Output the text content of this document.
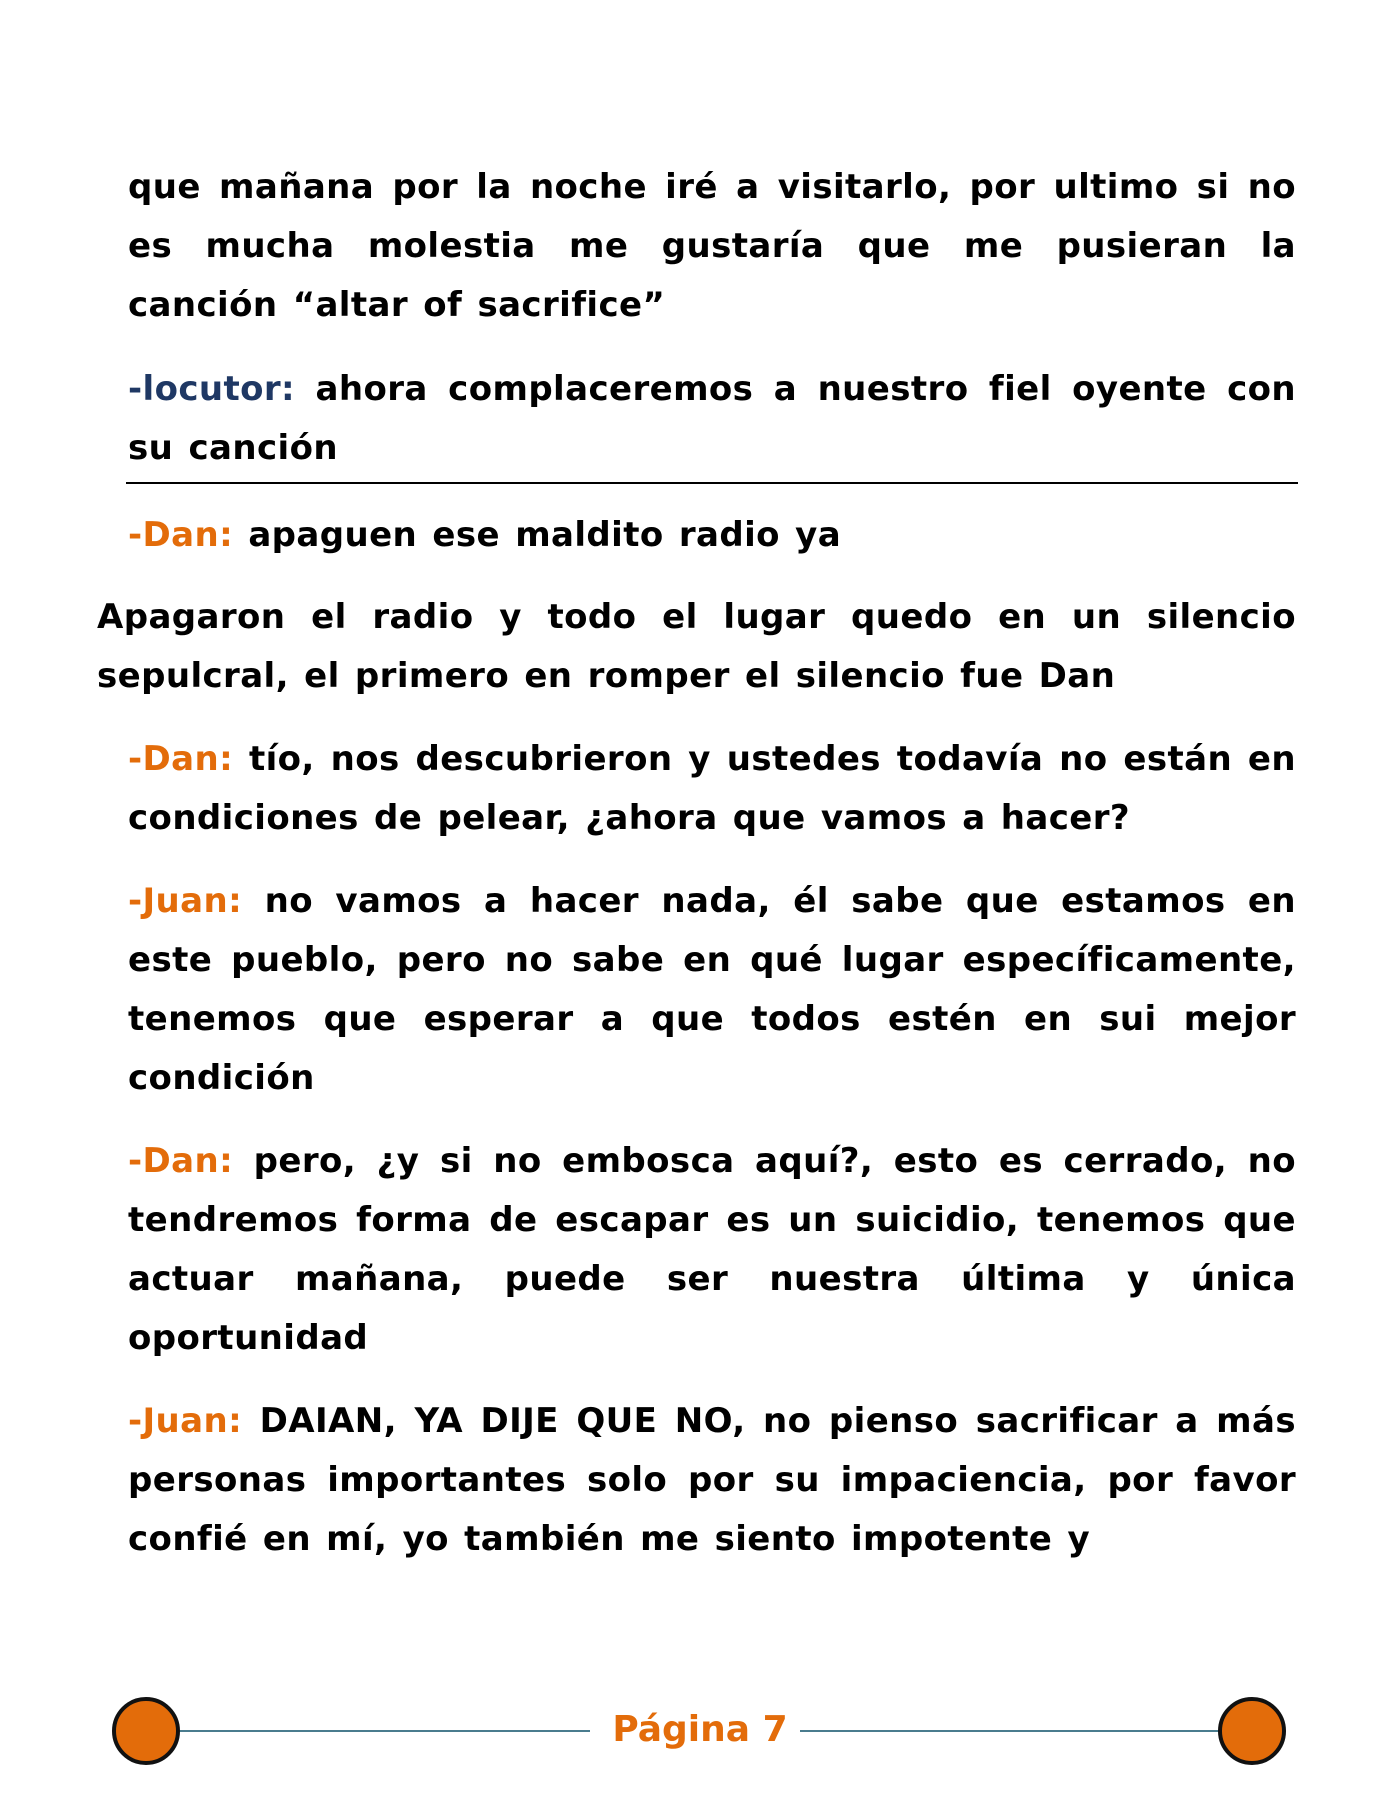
que mañana por la noche iré a visitarlo, por ultimo si no es mucha molestia me gustaría que me pusieran la canción “altar of sacrifice”

-locutor: ahora complaceremos a nuestro fiel oyente con su canción

-Dan: apaguen ese maldito radio ya

Apagaron el radio y todo el lugar quedo en un silencio sepulcral, el primero en romper el silencio fue Dan

-Dan: tío, nos descubrieron y ustedes todavía no están en condiciones de pelear, ¿ahora que vamos a hacer?

-Juan: no vamos a hacer nada, él sabe que estamos en este pueblo, pero no sabe en qué lugar específicamente, tenemos que esperar a que todos estén en sui mejor condición

-Dan: pero, ¿y si no embosca aquí?, esto es cerrado, no tendremos forma de escapar es un suicidio, tenemos que actuar mañana, puede ser nuestra última y única oportunidad

-Juan: DAIAN, YA DIJE QUE NO, no pienso sacrificar a más personas importantes solo por su impaciencia, por favor confié en mí, yo también me siento impotente y

Página 7
